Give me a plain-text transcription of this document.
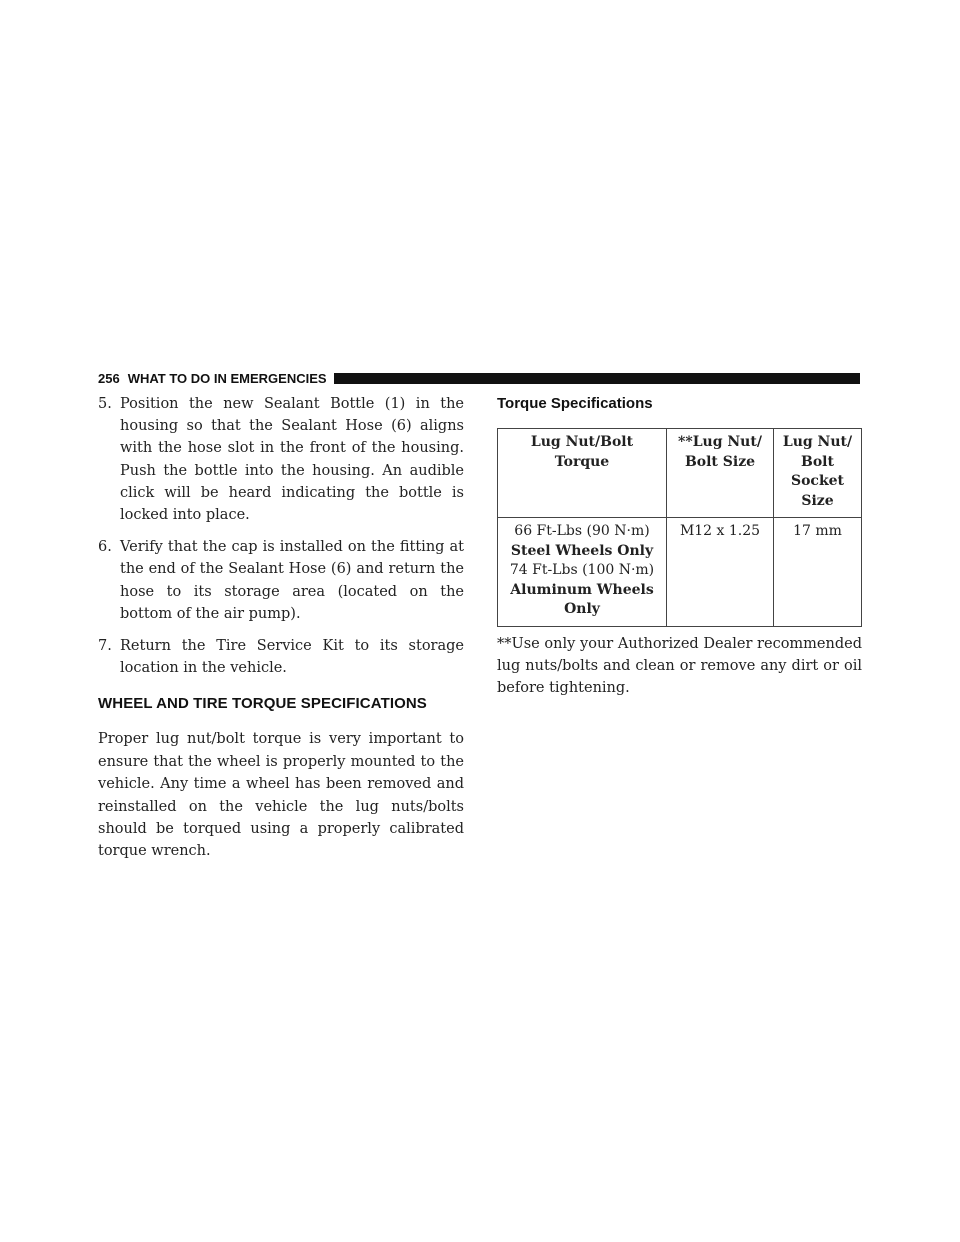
256 WHAT TO DO IN EMERGENCIES
5. Position the new Sealant Bottle (1) in the housing so that the Sealant Hose (6) aligns with the hose slot in the front of the housing. Push the bottle into the housing. An audible click will be heard indicating the bottle is locked into place.
6. Verify that the cap is installed on the fitting at the end of the Sealant Hose (6) and return the hose to its storage area (located on the bottom of the air pump).
7. Return the Tire Service Kit to its storage location in the vehicle.
WHEEL AND TIRE TORQUE SPECIFICATIONS

Proper lug nut/bolt torque is very important to ensure that the wheel is properly mounted to the vehicle. Any time a wheel has been removed and reinstalled on the vehicle the lug nuts/bolts should be torqued using a properly calibrated torque wrench.

Torque Specifications
Lug Nut/Bolt Torque	**Lug Nut/ Bolt Size	Lug Nut/ Bolt Socket Size

66 Ft-Lbs (90 N·m)
Steel Wheels Only
74 Ft-Lbs (100 N·m)
Aluminum Wheels Only	M12 x 1.25	17 mm

**Use only your Authorized Dealer recommended lug nuts/bolts and clean or remove any dirt or oil before tightening.
